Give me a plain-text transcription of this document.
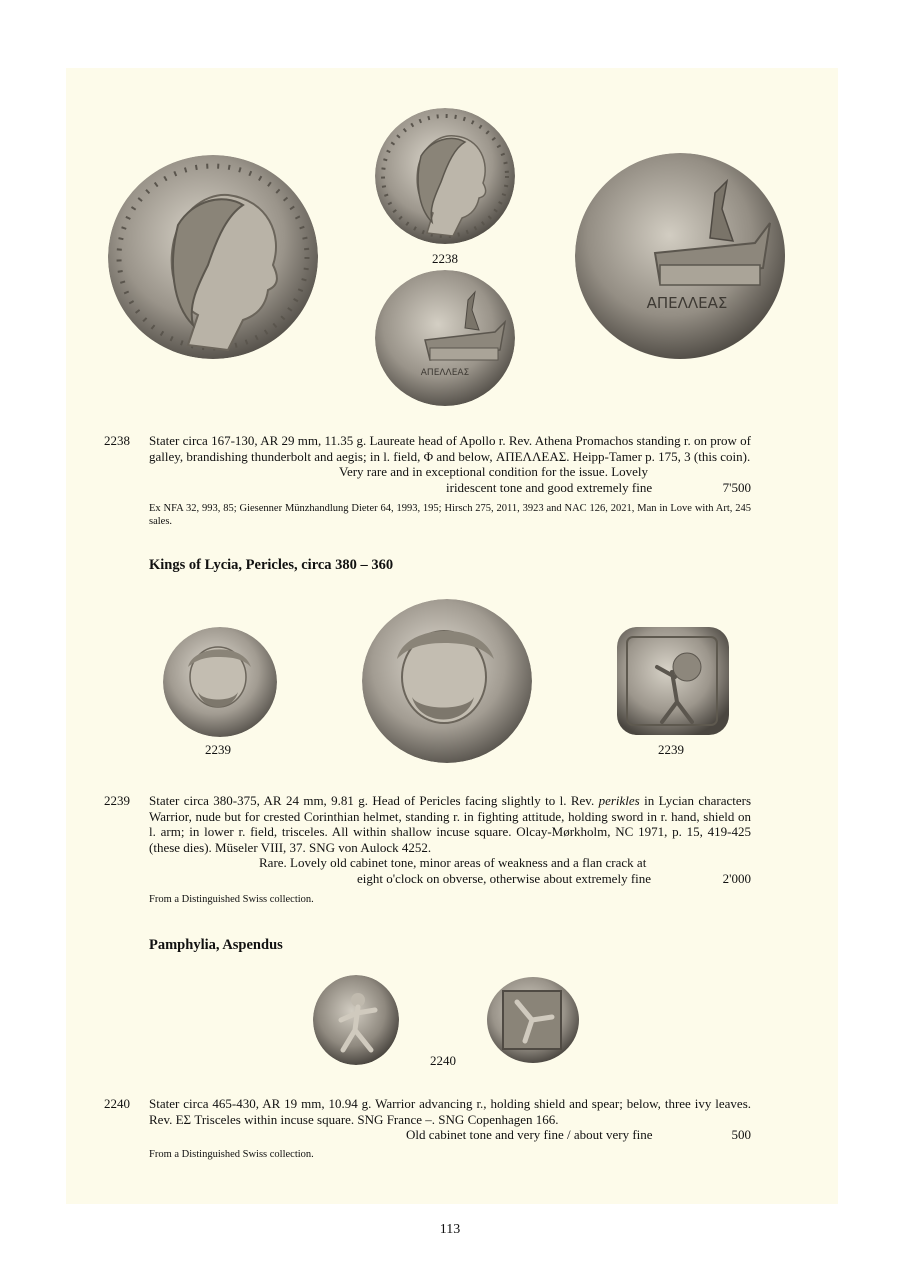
2238
ΑΠΕΛΛΕΑΣ
ΑΠΕΛΛΕΑΣ
2238 Stater circa 167-130, AR 29 mm, 11.35 g. Laureate head of Apollo r. Rev. Athena Promachos standing r. on prow of galley, brandishing thunderbolt and aegis; in l. field, Φ and below, ΑΠΕΛΛΕΑΣ. Heipp-Tamer p. 175, 3 (this coin).
Very rare and in exceptional condition for the issue. Lovely
iridescent tone and good extremely fine	7'500
Ex NFA 32, 993, 85; Giesenner Münzhandlung Dieter 64, 1993, 195; Hirsch 275, 2011, 3923 and NAC 126, 2021, Man in Love with Art, 245 sales.
Kings of Lycia, Pericles, circa 380 – 360
2239	2239
2239 Stater circa 380-375, AR 24 mm, 9.81 g. Head of Pericles facing slightly to l. Rev. perikles in Lycian characters Warrior, nude but for crested Corinthian helmet, standing r. in fighting attitude, holding sword in r. hand, shield on l. arm; in lower r. field, trisceles. All within shallow incuse square. Olcay-Mørkholm, NC 1971, p. 15, 419-425 (these dies). Müseler VIII, 37. SNG von Aulock 4252.
Rare. Lovely old cabinet tone, minor areas of weakness and a flan crack at
eight o'clock on obverse, otherwise about extremely fine	2'000
From a Distinguished Swiss collection.
Pamphylia, Aspendus
2240
2240 Stater circa 465-430, AR 19 mm, 10.94 g. Warrior advancing r., holding shield and spear; below, three ivy leaves. Rev. ΕΣ Trisceles within incuse square. SNG France –. SNG Copenhagen 166.
Old cabinet tone and very fine / about very fine	500
From a Distinguished Swiss collection.
113
